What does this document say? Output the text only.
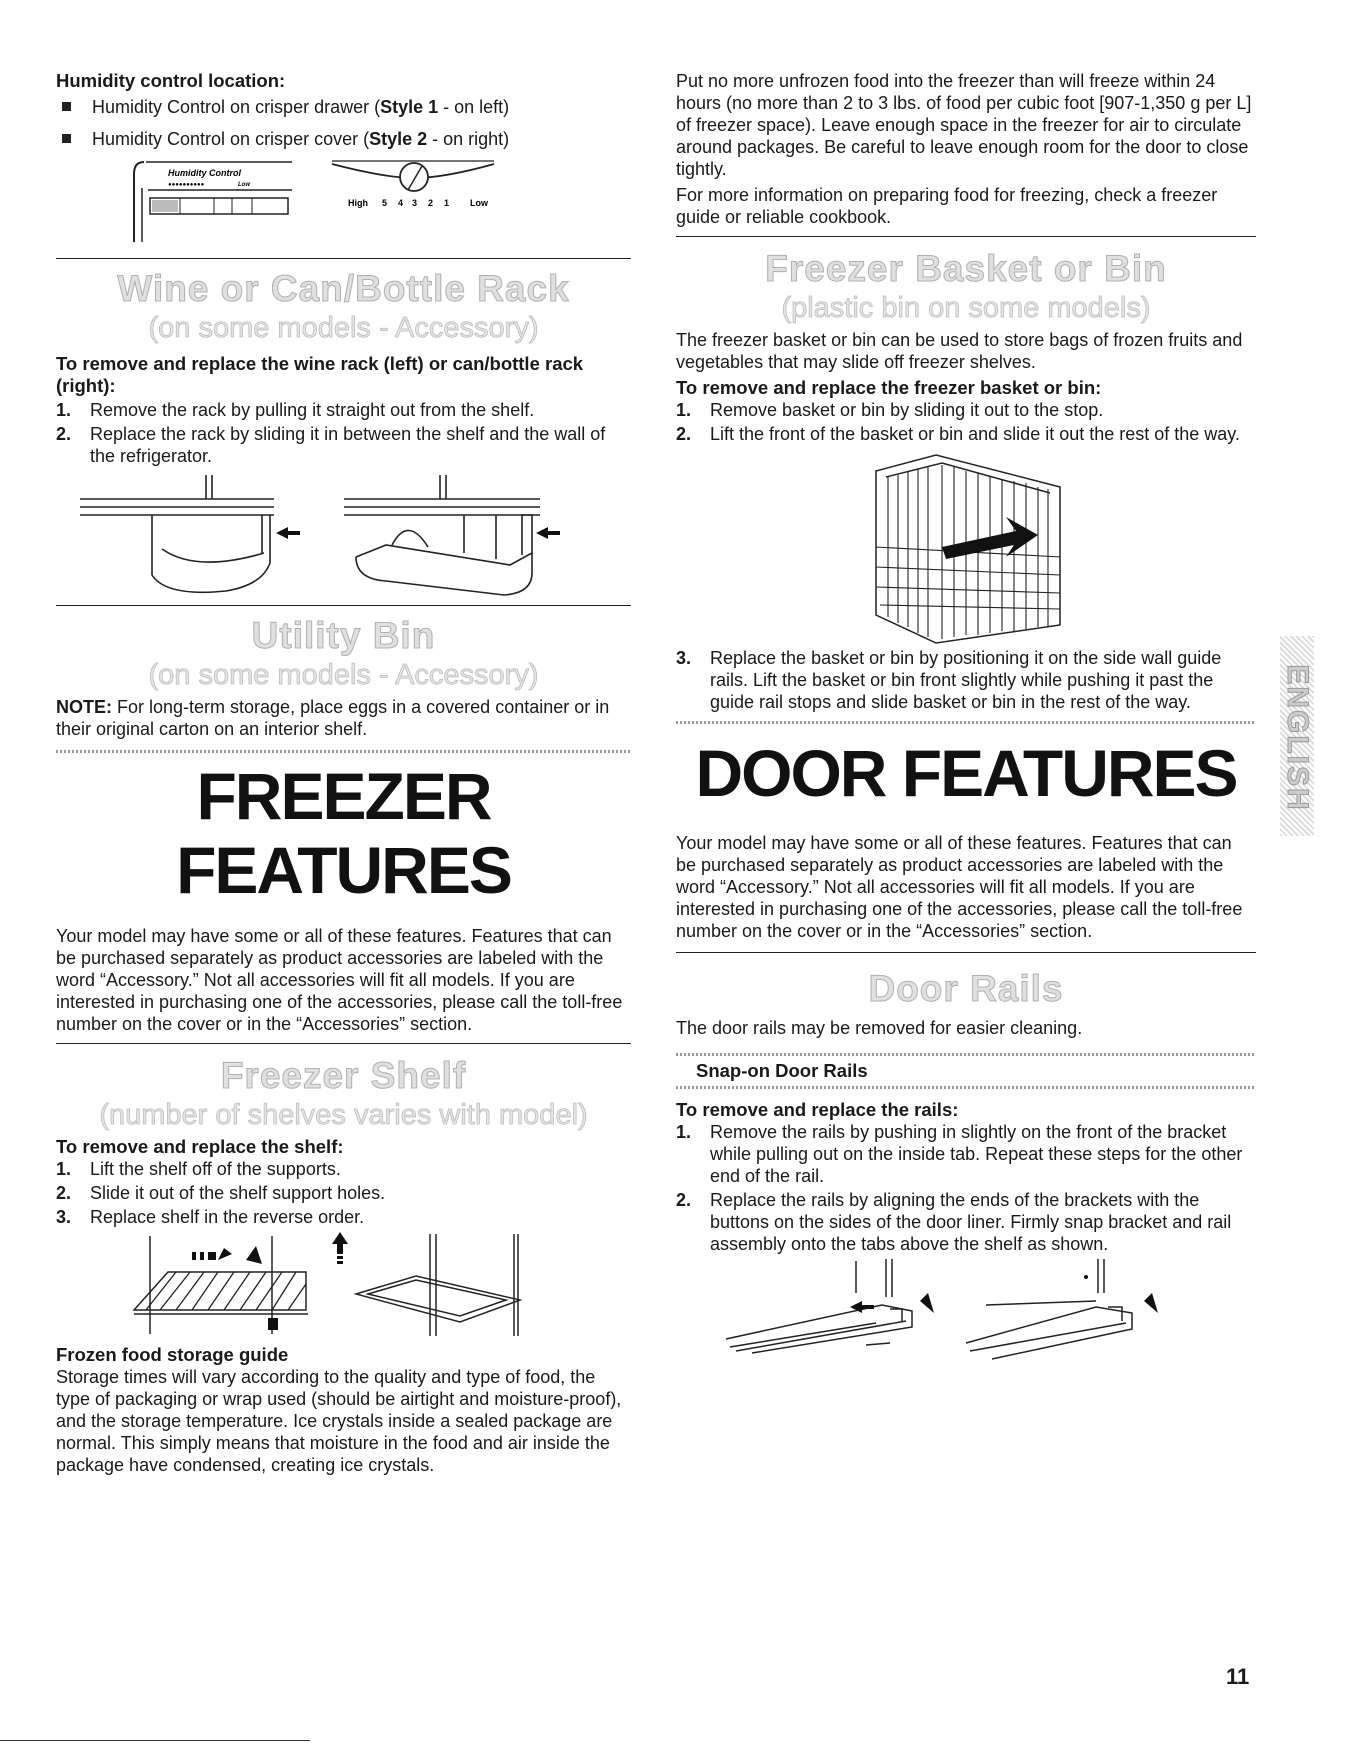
Humidity control location:

Humidity Control on crisper drawer (Style 1 - on left)
Humidity Control on crisper cover (Style 2 - on right)
Humidity Control
●●●●●●●●●●	Low
High 5 4 3 2 1 Low
Wine or Can/Bottle Rack
(on some models - Accessory)

To remove and replace the wine rack (left) or can/bottle rack (right):

1. Remove the rack by pulling it straight out from the shelf.
2. Replace the rack by sliding it in between the shelf and the wall of the refrigerator.
Utility Bin
(on some models - Accessory)

NOTE: For long-term storage, place eggs in a covered container or in their original carton on an interior shelf.

FREEZER FEATURES

Your model may have some or all of these features. Features that can be purchased separately as product accessories are labeled with the word “Accessory.” Not all accessories will fit all models. If you are interested in purchasing one of the accessories, please call the toll-free number on the cover or in the “Accessories” section.

Freezer Shelf
(number of shelves varies with model)

To remove and replace the shelf:

1. Lift the shelf off of the supports.
2. Slide it out of the shelf support holes.
3. Replace shelf in the reverse order.

Frozen food storage guide

Storage times will vary according to the quality and type of food, the type of packaging or wrap used (should be airtight and moisture-proof), and the storage temperature. Ice crystals inside a sealed package are normal. This simply means that moisture in the food and air inside the package have condensed, creating ice crystals.

Put no more unfrozen food into the freezer than will freeze within 24 hours (no more than 2 to 3 lbs. of food per cubic foot [907-1,350 g per L] of freezer space). Leave enough space in the freezer for air to circulate around packages. Be careful to leave enough room for the door to close tightly.

For more information on preparing food for freezing, check a freezer guide or reliable cookbook.

Freezer Basket or Bin
(plastic bin on some models)

The freezer basket or bin can be used to store bags of frozen fruits and vegetables that may slide off freezer shelves.

To remove and replace the freezer basket or bin:

1. Remove basket or bin by sliding it out to the stop.
2. Lift the front of the basket or bin and slide it out the rest of the way.
3. Replace the basket or bin by positioning it on the side wall guide rails. Lift the basket or bin front slightly while pushing it past the guide rail stops and slide basket or bin in the rest of the way.
DOOR FEATURES

Your model may have some or all of these features. Features that can be purchased separately as product accessories are labeled with the word “Accessory.” Not all accessories will fit all models. If you are interested in purchasing one of the accessories, please call the toll-free number on the cover or in the “Accessories” section.

Door Rails

The door rails may be removed for easier cleaning.

Snap-on Door Rails

To remove and replace the rails:

1. Remove the rails by pushing in slightly on the front of the bracket while pulling out on the inside tab. Repeat these steps for the other end of the rail.
2. Replace the rails by aligning the ends of the brackets with the buttons on the sides of the door liner. Firmly snap bracket and rail assembly onto the tabs above the shelf as shown.
ENGLISH
11
